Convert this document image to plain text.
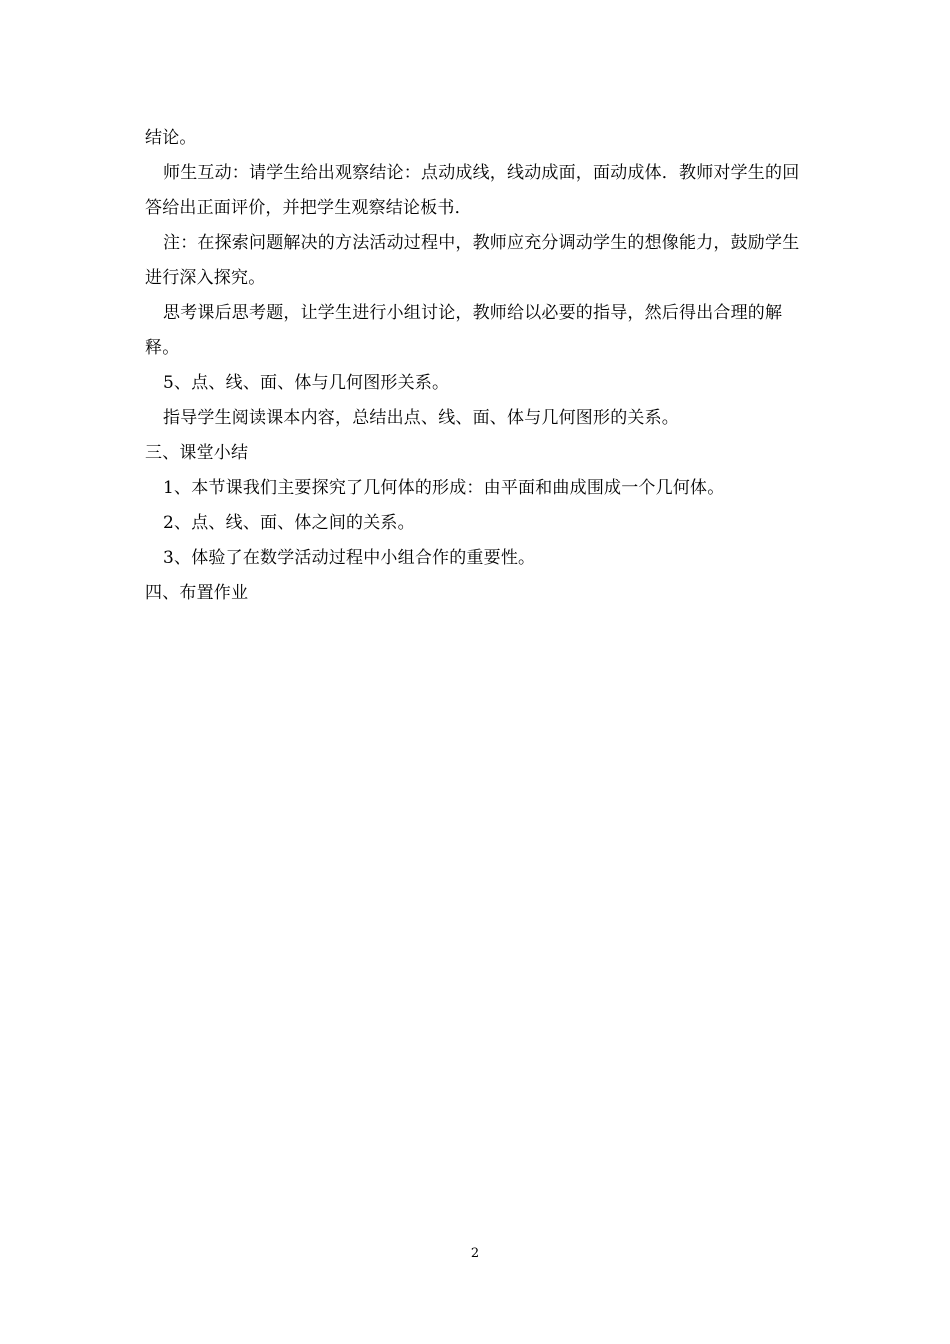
结论。

师生互动：请学生给出观察结论：点动成线，线动成面，面动成体．教师对学生的回答给出正面评价，并把学生观察结论板书．

注：在探索问题解决的方法活动过程中，教师应充分调动学生的想像能力，鼓励学生进行深入探究。

思考课后思考题，让学生进行小组讨论，教师给以必要的指导，然后得出合理的解释。

5、点、线、面、体与几何图形关系。

指导学生阅读课本内容，总结出点、线、面、体与几何图形的关系。

三、课堂小结

1、本节课我们主要探究了几何体的形成：由平面和曲成围成一个几何体。

2、点、线、面、体之间的关系。

3、体验了在数学活动过程中小组合作的重要性。

四、布置作业

2
